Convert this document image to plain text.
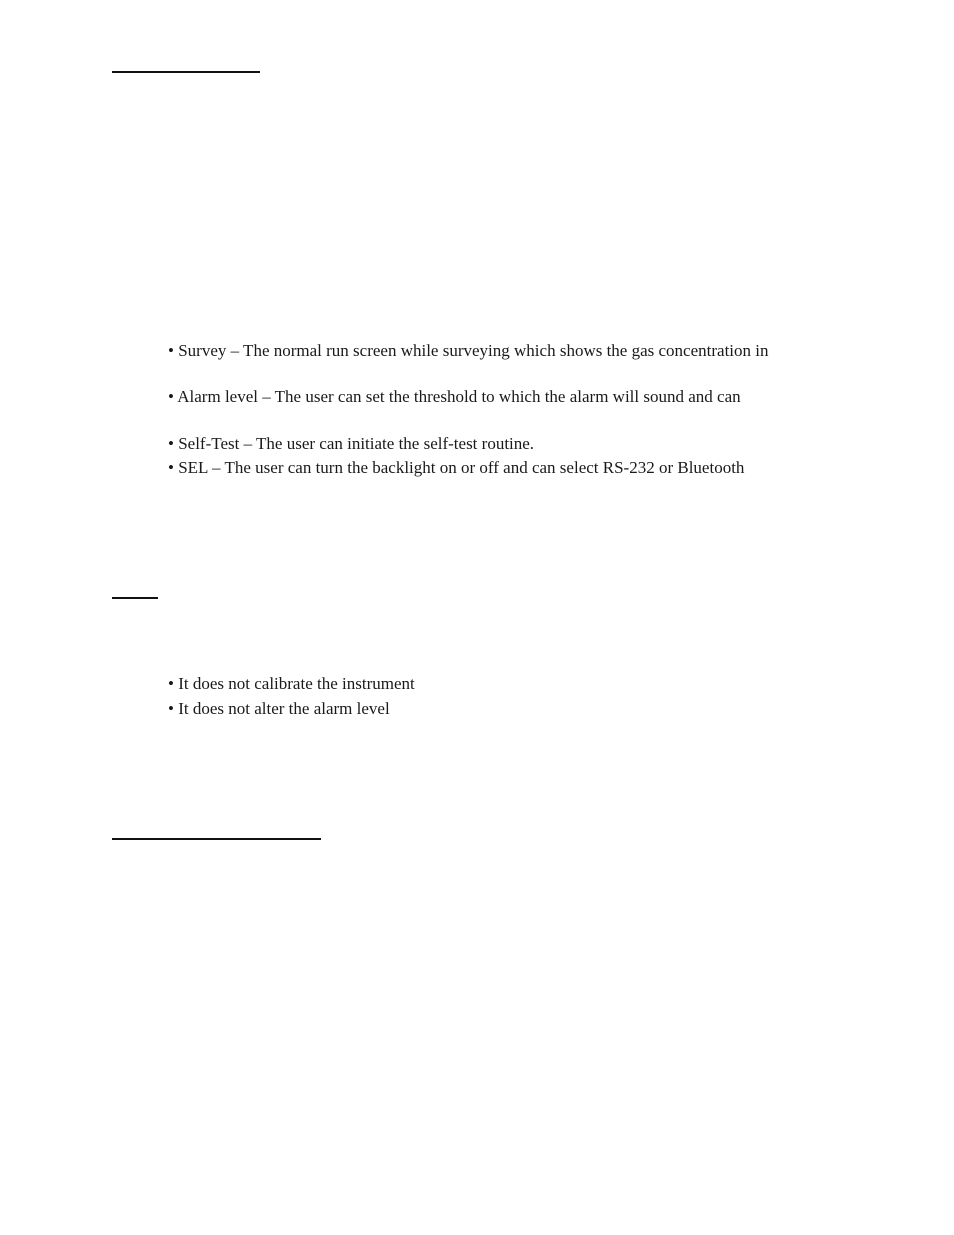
• Survey – The normal run screen while surveying which shows the gas concentration in
• Alarm level – The user can set the threshold to which the alarm will sound and can
• Self-Test – The user can initiate the self-test routine.
• SEL – The user can turn the backlight on or off and can select RS-232 or Bluetooth
• It does not calibrate the instrument
• It does not alter the alarm level
